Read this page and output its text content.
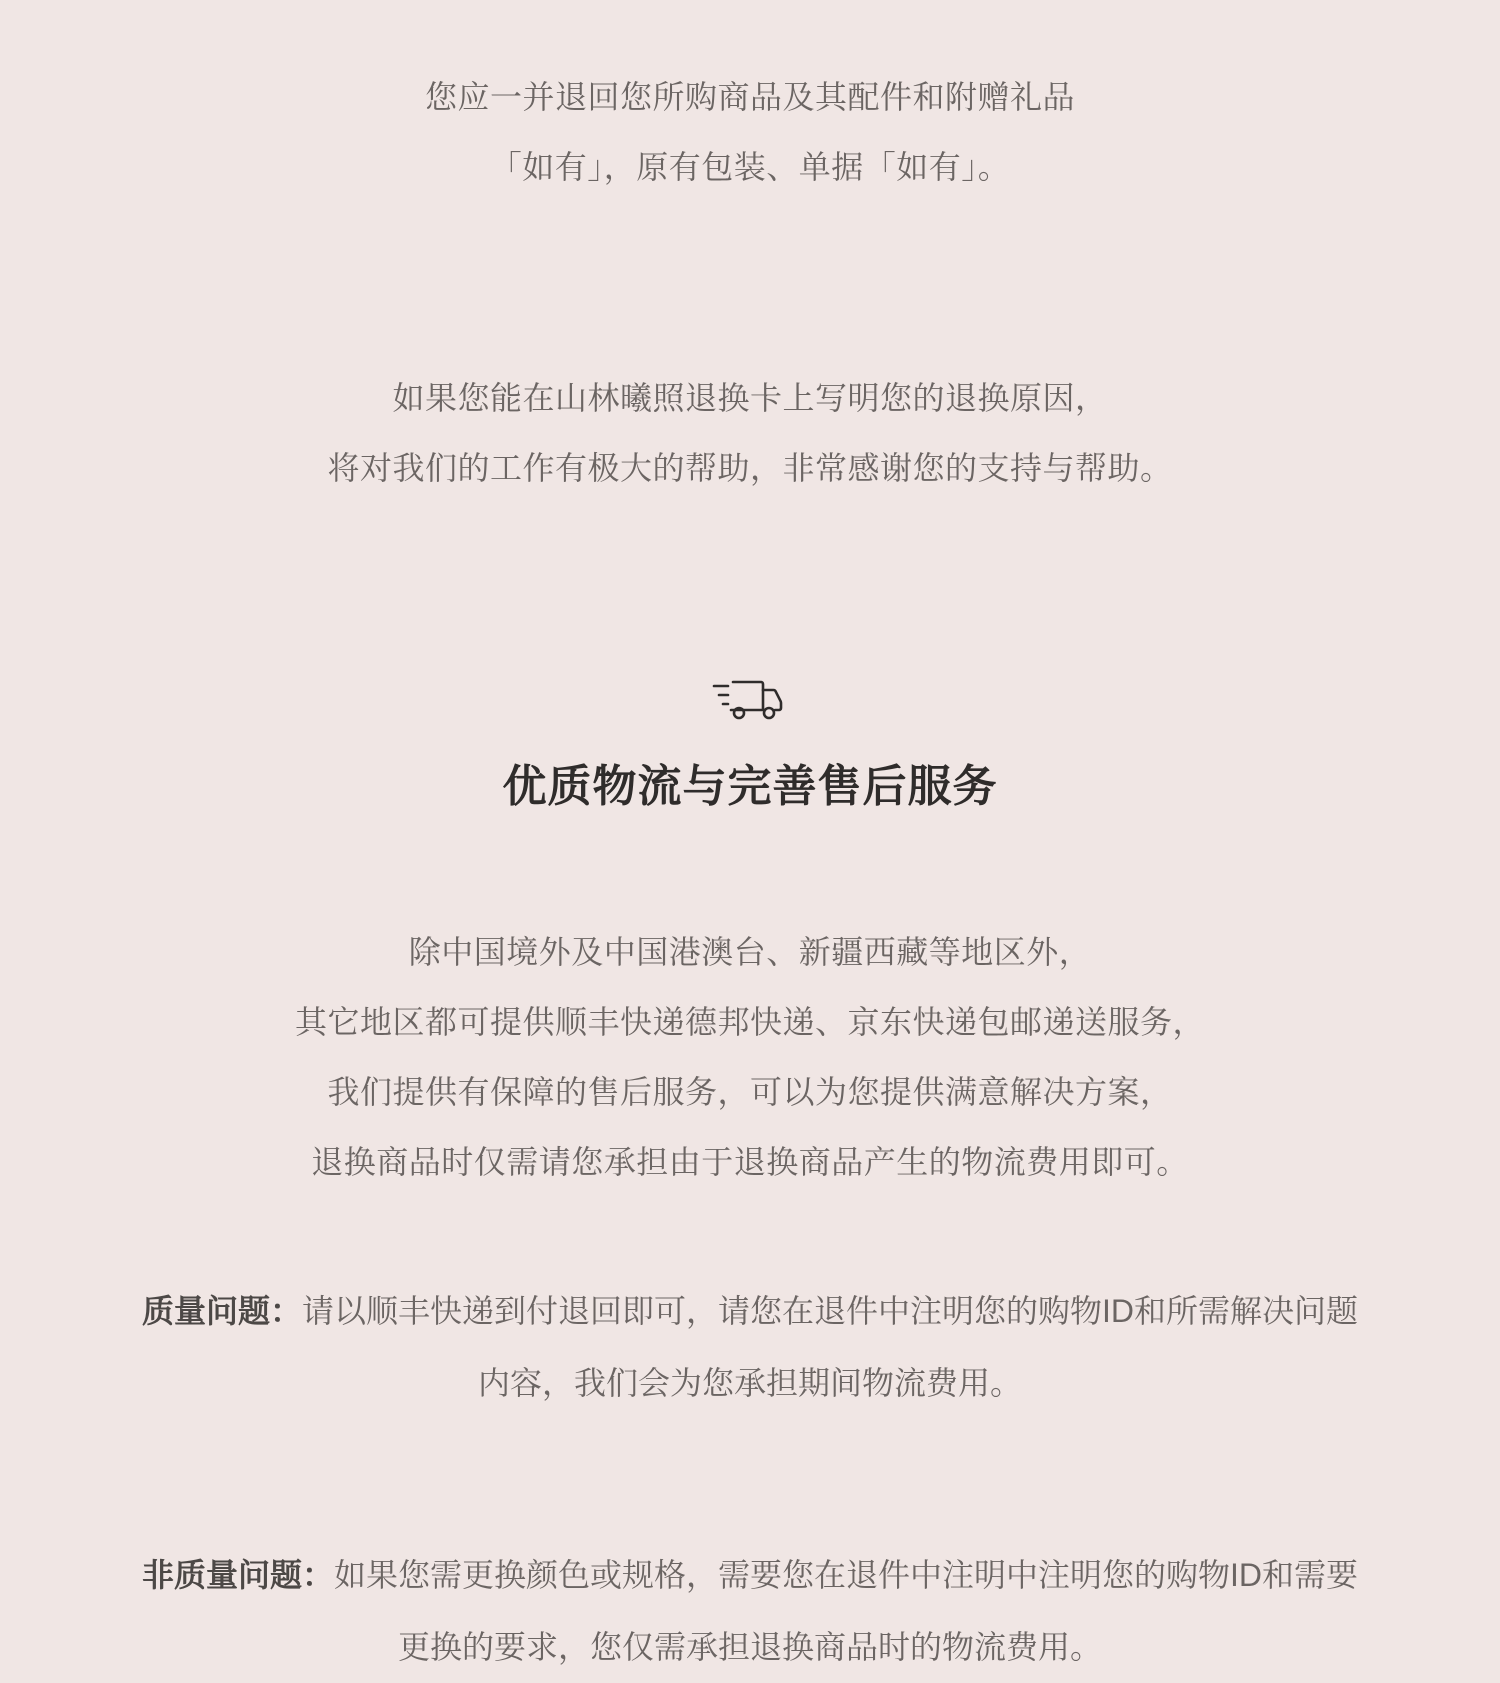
您应一并退回您所购商品及其配件和附赠礼品
「如有」，原有包装、单据「如有」。

如果您能在山林曦照退换卡上写明您的退换原因，
将对我们的工作有极大的帮助，非常感谢您的支持与帮助。

优质物流与完善售后服务

除中国境外及中国港澳台、新疆西藏等地区外，
其它地区都可提供顺丰快递德邦快递、京东快递包邮递送服务，
我们提供有保障的售后服务，可以为您提供满意解决方案，
退换商品时仅需请您承担由于退换商品产生的物流费用即可。

质量问题：请以顺丰快递到付退回即可，请您在退件中注明您的购物ID和所需解决问题内容，我们会为您承担期间物流费用。
非质量问题：如果您需更换颜色或规格，需要您在退件中注明中注明您的购物ID和需要更换的要求，您仅需承担退换商品时的物流费用。
